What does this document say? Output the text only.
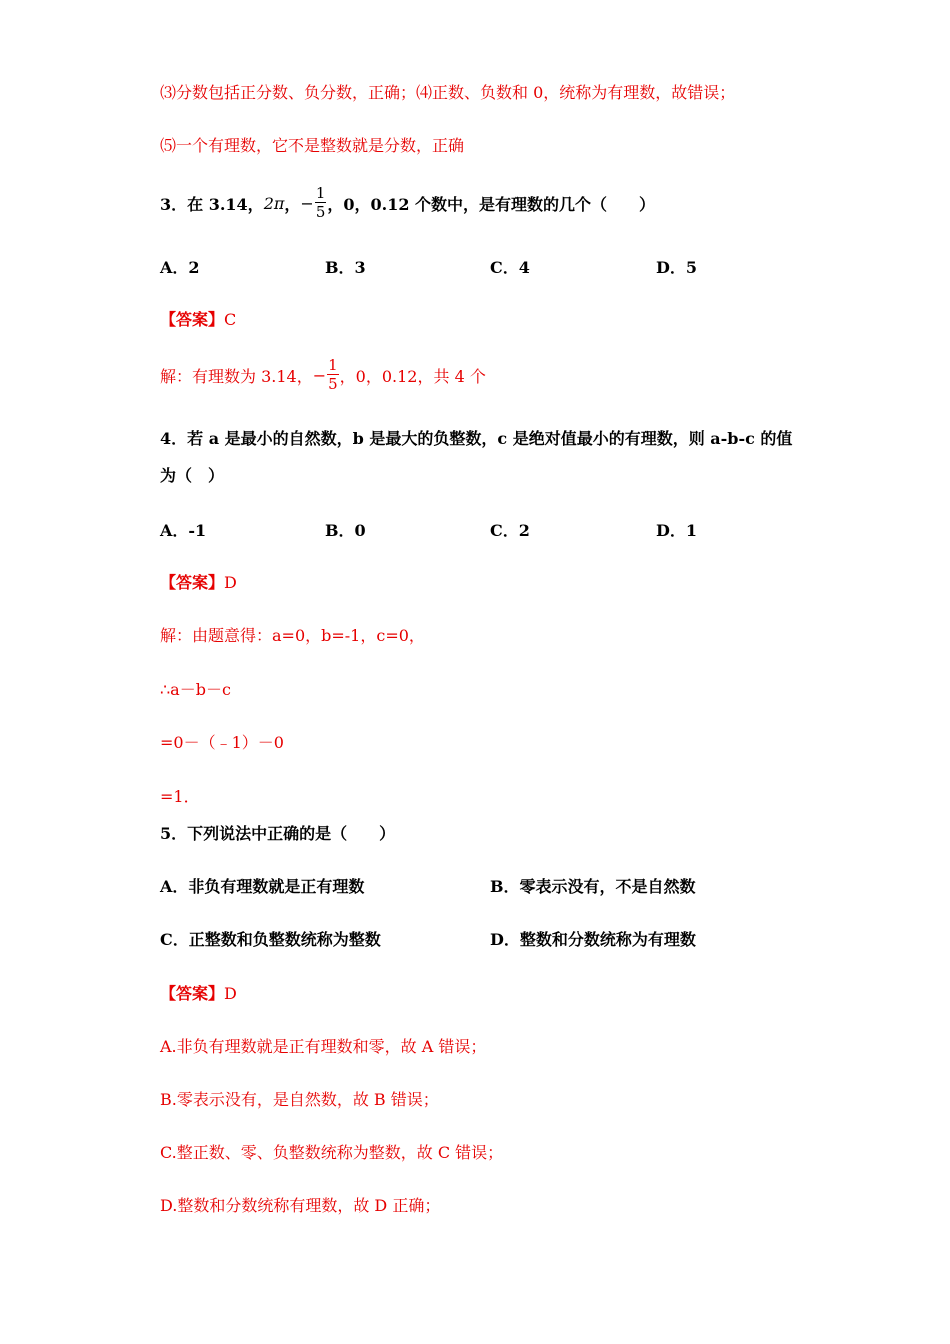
⑶分数包括正分数、负分数，正确；⑷正数、负数和 0，统称为有理数，故错误；
⑸一个有理数，它不是整数就是分数，正确
3．在 3.14， 2π ， − $\frac{1}{5}$ ，0，0.12 个数中，是有理数的几个（　　）
A．2	B．3	C．4	D．5
【答案】C
解：有理数为 3.14， − $\frac{1}{5}$ ，0，0.12，共 4 个
4．若 a 是最小的自然数，b 是最大的负整数，c 是绝对值最小的有理数，则 a-b-c 的值
为（　）
A．-1	B．0	C．2	D．1
【答案】D
解：由题意得：a=0，b=-1，c=0，
∴a－b－c
=0－（﹣1）－0
=1．
5．下列说法中正确的是（　　）
A．非负有理数就是正有理数	B．零表示没有，不是自然数
C．正整数和负整数统称为整数	D．整数和分数统称为有理数
【答案】D
A.非负有理数就是正有理数和零，故 A 错误；
B.零表示没有，是自然数，故 B 错误；
C.整正数、零、负整数统称为整数，故 C 错误；
D.整数和分数统称有理数，故 D 正确；
